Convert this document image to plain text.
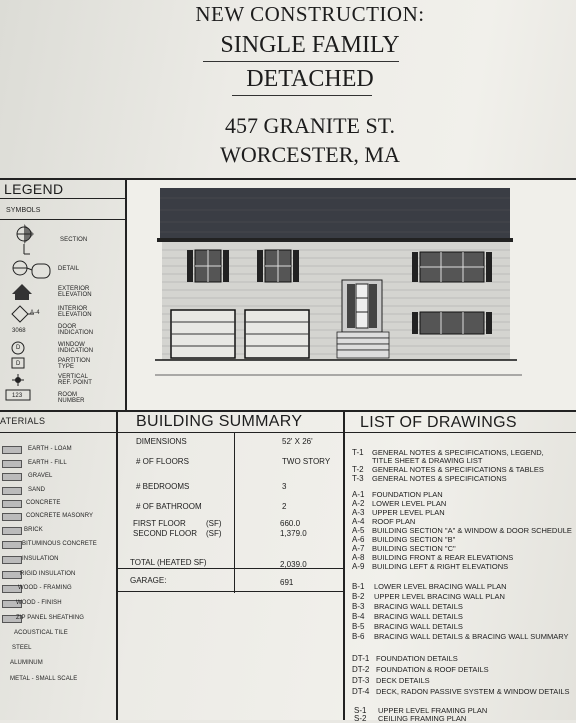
NEW CONSTRUCTION:
SINGLE FAMILY
DETACHED
457 GRANITE ST.
WORCESTER, MA
LEGEND
SYMBOLS
SECTION
DETAIL
EXTERIOR
ELEVATION
A-4
INTERIOR
ELEVATION
3068
DOOR
INDICATION
D	WINDOW
INDICATION
D	PARTITION
TYPE
VERTICAL
REF. POINT
123	ROOM
NUMBER
ATERIALS
EARTH - LOAM
EARTH - FILL
GRAVEL
SAND
CONCRETE
CONCRETE MASONRY
BRICK
BITUMINOUS CONCRETE
INSULATION
RIGID INSULATION
WOOD - FRAMING
WOOD - FINISH
ZIP PANEL SHEATHING
ACOUSTICAL TILE
STEEL
ALUMINUM
METAL - SMALL SCALE
BUILDING SUMMARY
DIMENSIONS	52' X 26'
# OF FLOORS	TWO STORY
# BEDROOMS	3
# OF BATHROOM	2
FIRST FLOOR	(SF)	660.0
SECOND FLOOR (SF)	1,379.0
TOTAL (HEATED SF)	2,039.0
GARAGE:	691
LIST OF DRAWINGS
T-1 GENERAL NOTES & SPECIFICATIONS, LEGEND,
TITLE SHEET & DRAWING LIST
T-2 GENERAL NOTES & SPECIFICATIONS & TABLES
T-3 GENERAL NOTES & SPECIFICATIONS
A-1 FOUNDATION PLAN
A-2 LOWER LEVEL PLAN
A-3 UPPER LEVEL PLAN
A-4 ROOF PLAN
A-5 BUILDING SECTION "A" & WINDOW & DOOR SCHEDULE
A-6 BUILDING SECTION "B"
A-7 BUILDING SECTION "C"
A-8 BUILDING FRONT & REAR ELEVATIONS
A-9 BUILDING LEFT & RIGHT ELEVATIONS
B-1 LOWER LEVEL BRACING WALL PLAN
B-2 UPPER LEVEL BRACING WALL PLAN
B-3 BRACING WALL DETAILS
B-4 BRACING WALL DETAILS
B-5 BRACING WALL DETAILS
B-6 BRACING WALL DETAILS & BRACING WALL SUMMARY
DT-1 FOUNDATION DETAILS
DT-2 FOUNDATION & ROOF DETAILS
DT-3 DECK DETAILS
DT-4 DECK, RADON PASSIVE SYSTEM & WINDOW DETAILS
S-1 UPPER LEVEL FRAMING PLAN
S-2 CEILING FRAMING PLAN
